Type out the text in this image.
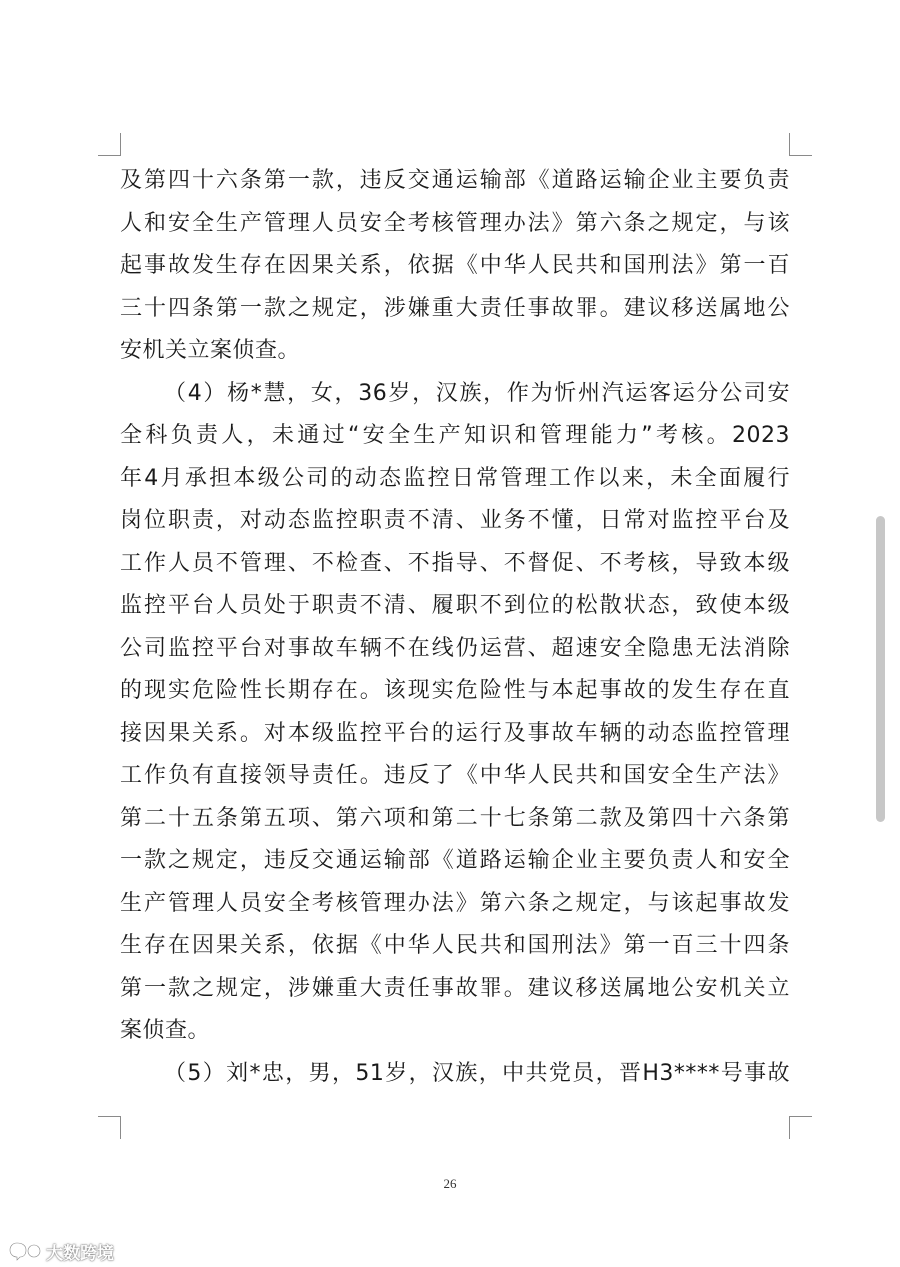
及第四十六条第一款，违反交通运输部《道路运输企业主要负责
人和安全生产管理人员安全考核管理办法》第六条之规定，与该
起事故发生存在因果关系，依据《中华人民共和国刑法》第一百
三十四条第一款之规定，涉嫌重大责任事故罪。建议移送属地公
安机关立案侦查。
（4）杨*慧，女，36岁，汉族，作为忻州汽运客运分公司安
全科负责人，未通过“安全生产知识和管理能力”考核。2023
年4月承担本级公司的动态监控日常管理工作以来，未全面履行
岗位职责，对动态监控职责不清、业务不懂，日常对监控平台及
工作人员不管理、不检查、不指导、不督促、不考核，导致本级
监控平台人员处于职责不清、履职不到位的松散状态，致使本级
公司监控平台对事故车辆不在线仍运营、超速安全隐患无法消除
的现实危险性长期存在。该现实危险性与本起事故的发生存在直
接因果关系。对本级监控平台的运行及事故车辆的动态监控管理
工作负有直接领导责任。违反了《中华人民共和国安全生产法》
第二十五条第五项、第六项和第二十七条第二款及第四十六条第
一款之规定，违反交通运输部《道路运输企业主要负责人和安全
生产管理人员安全考核管理办法》第六条之规定，与该起事故发
生存在因果关系，依据《中华人民共和国刑法》第一百三十四条
第一款之规定，涉嫌重大责任事故罪。建议移送属地公安机关立
案侦查。
（5）刘*忠，男，51岁，汉族，中共党员，晋H3****号事故
26
大数跨境
